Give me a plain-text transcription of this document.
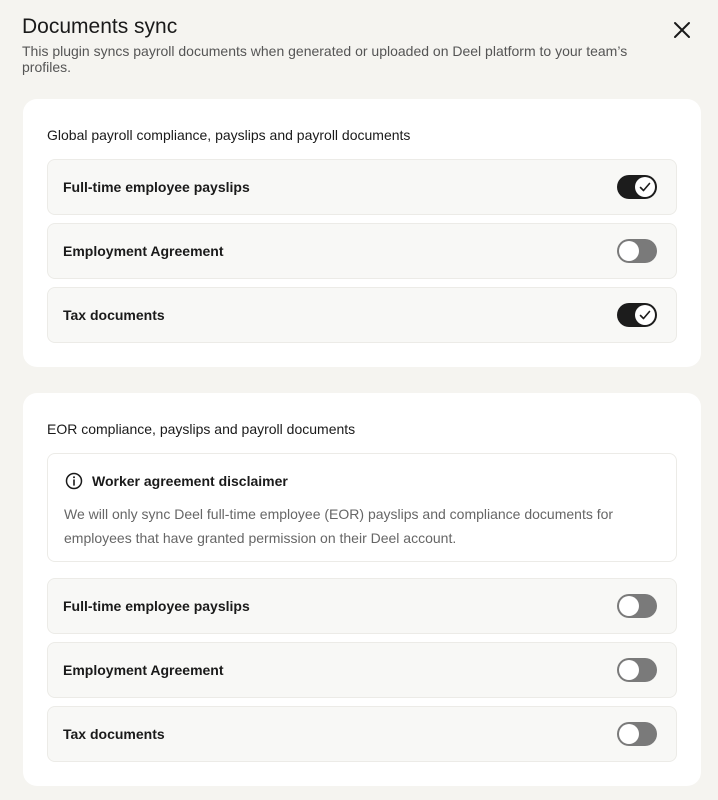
Documents sync
This plugin syncs payroll documents when generated or uploaded on Deel platform to your team’s profiles.
Global payroll compliance, payslips and payroll documents
Full-time employee payslips
Employment Agreement
Tax documents
EOR compliance, payslips and payroll documents
Worker agreement disclaimer
We will only sync Deel full-time employee (EOR) payslips and compliance documents for employees that have granted permission on their Deel account.
Full-time employee payslips
Employment Agreement
Tax documents
